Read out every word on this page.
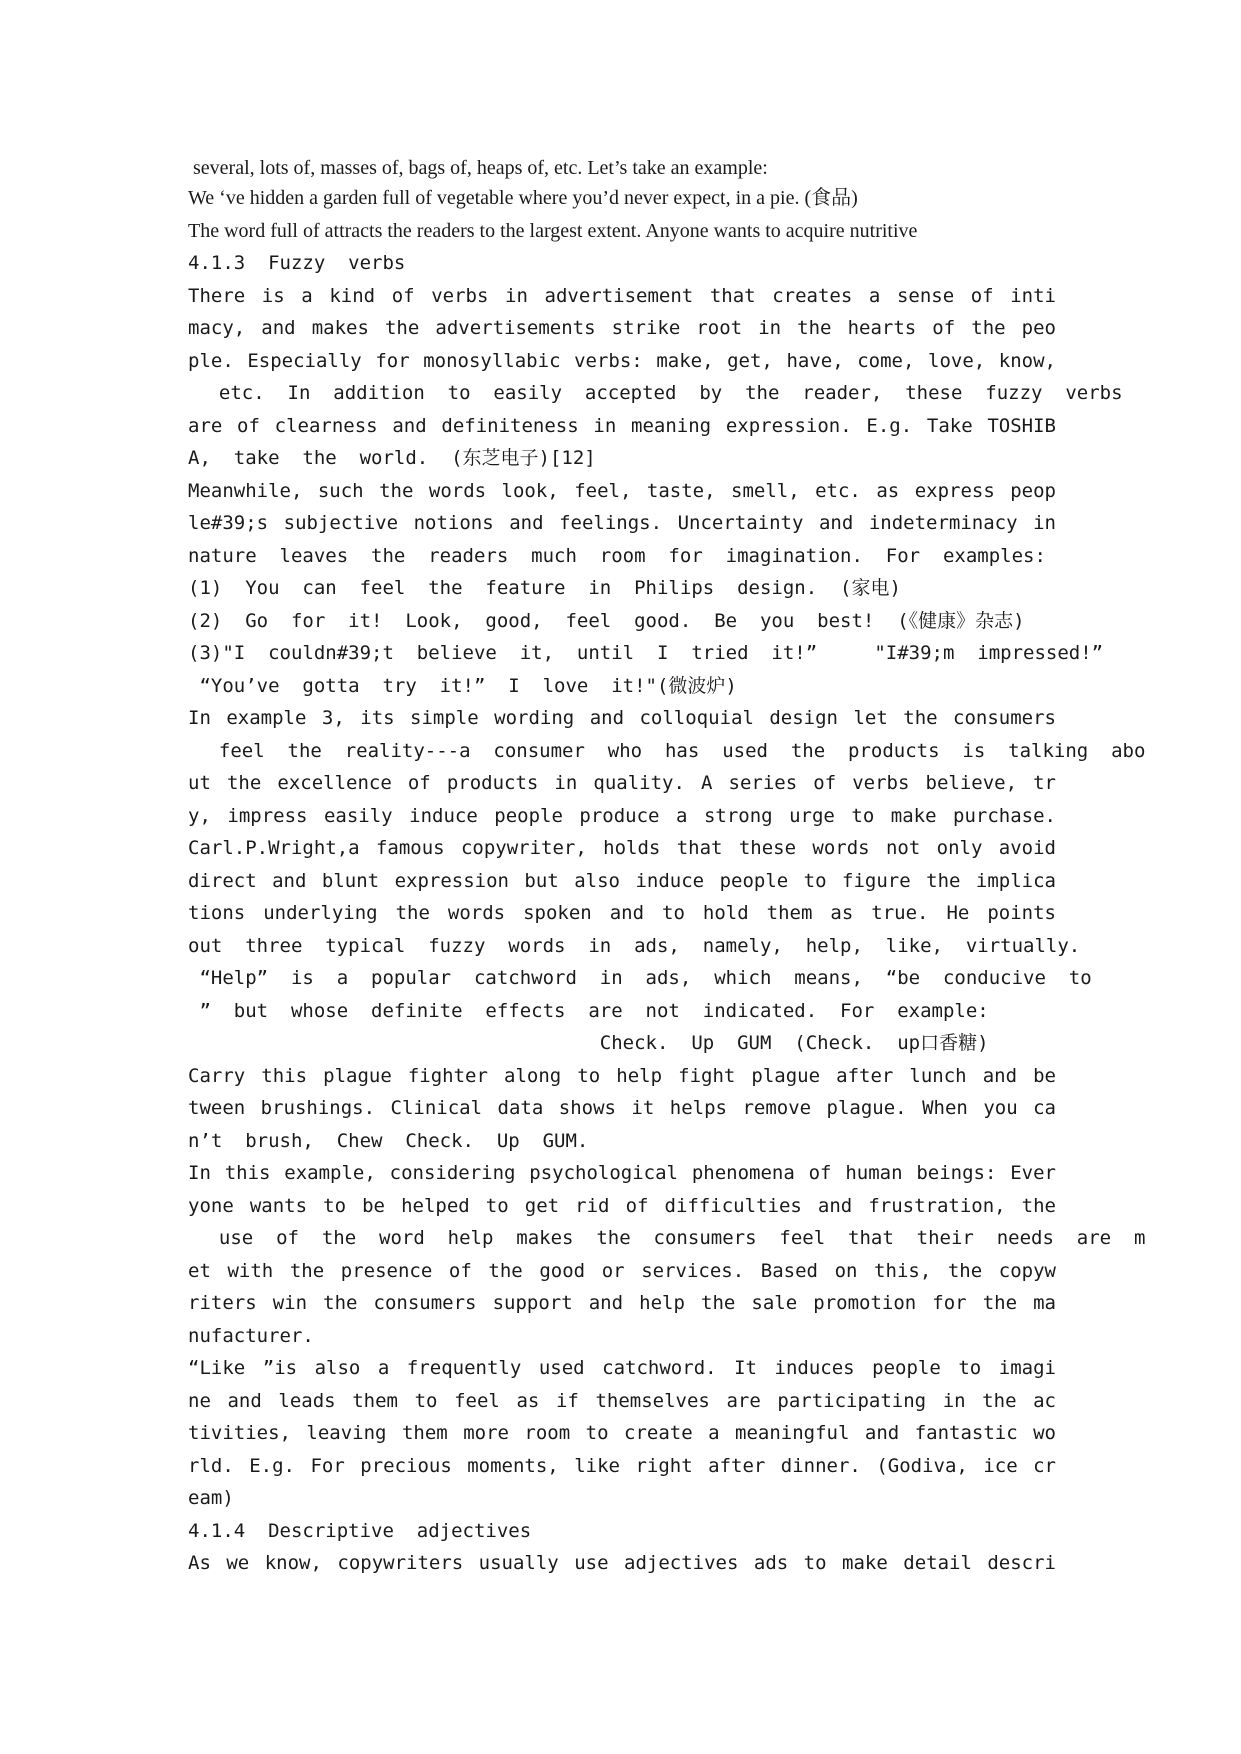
several, lots of, masses of, bags of, heaps of, etc. Let’s take an example:
We ‘ve hidden a garden full of vegetable where you’d never expect, in a pie. (食品)
The word full of attracts the readers to the largest extent. Anyone wants to acquire nutritive
4.1.3  Fuzzy  verbs
There is a kind of verbs in advertisement that creates a sense of inti
macy, and makes the advertisements strike root in the hearts of the peo
ple. Especially for monosyllabic verbs: make, get, have, come, love, know,
etc.  In  addition  to  easily  accepted  by  the  reader,  these  fuzzy  verbs
are of clearness and definiteness in meaning expression. E.g. Take TOSHIB
A,  take  the  world.  (东芝电子)[12]
Meanwhile, such the words look, feel, taste, smell, etc. as express peop
le#39;s subjective notions and feelings. Uncertainty and indeterminacy in
nature  leaves  the  readers  much  room  for  imagination.  For  examples:
(1)  You  can  feel  the  feature  in  Philips  design.  (家电)
(2)  Go  for  it!  Look,  good,  feel  good.  Be  you  best!  (《健康》杂志)
(3)"I  couldn#39;t  believe  it,  until  I  tried  it!”     "I#39;m  impressed!”
“You’ve  gotta  try  it!”  I  love  it!"(微波炉)
In example 3, its simple wording and colloquial design let the consumers
feel  the  reality---a  consumer  who  has  used  the  products  is  talking  abo
ut the excellence of products in quality. A series of verbs believe, tr
y, impress easily induce people produce a strong urge to make purchase.
Carl.P.Wright,a famous copywriter, holds that these words not only avoid
direct and blunt expression but also induce people to figure the implica
tions underlying the words spoken and to hold them as true. He points
out  three  typical  fuzzy  words  in  ads,  namely,  help,  like,  virtually.
“Help”  is  a  popular  catchword  in  ads,  which  means,  “be  conducive  to
”  but  whose  definite  effects  are  not  indicated.  For  example:
Check.  Up  GUM  (Check.  up口香糖)
Carry this plague fighter along to help fight plague after lunch and be
tween brushings. Clinical data shows it helps remove plague. When you ca
n’t  brush,  Chew  Check.  Up  GUM.
In this example, considering psychological phenomena of human beings: Ever
yone wants to be helped to get rid of difficulties and frustration, the
use  of  the  word  help  makes  the  consumers  feel  that  their  needs  are  m
et with the presence of the good or services. Based on this, the copyw
riters win the consumers support and help the sale promotion for the ma
nufacturer.
“Like ”is also a frequently used catchword. It induces people to imagi
ne and leads them to feel as if themselves are participating in the ac
tivities, leaving them more room to create a meaningful and fantastic wo
rld. E.g. For precious moments, like right after dinner. (Godiva, ice cr
eam)
4.1.4  Descriptive  adjectives
As we know, copywriters usually use adjectives ads to make detail descri
